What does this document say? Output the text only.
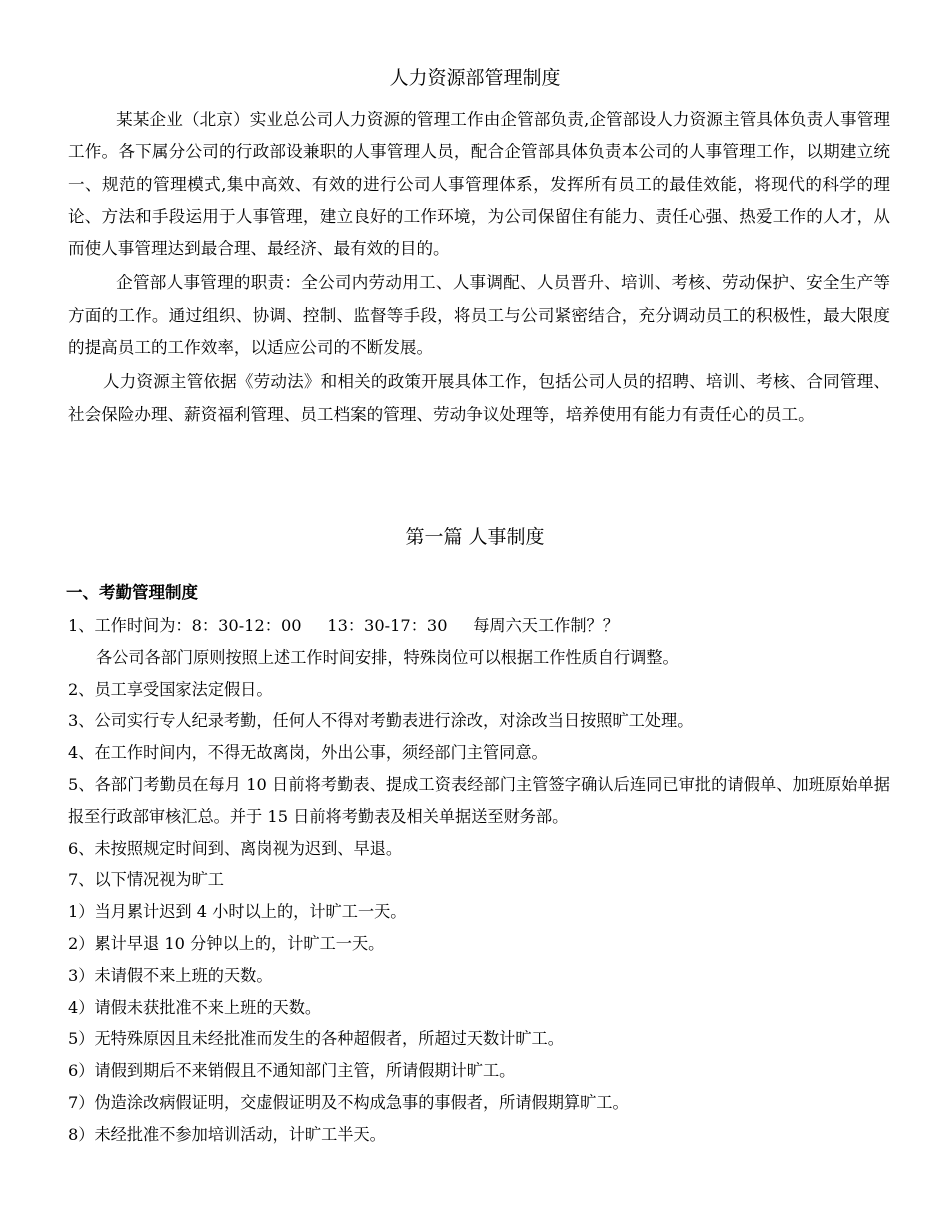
人力资源部管理制度

某某企业（北京）实业总公司人力资源的管理工作由企管部负责,企管部设人力资源主管具体负责人事管理工作。各下属分公司的行政部设兼职的人事管理人员，配合企管部具体负责本公司的人事管理工作，以期建立统一、规范的管理模式,集中高效、有效的进行公司人事管理体系，发挥所有员工的最佳效能，将现代的科学的理论、方法和手段运用于人事管理，建立良好的工作环境，为公司保留住有能力、责任心强、热爱工作的人才，从而使人事管理达到最合理、最经济、最有效的目的。

企管部人事管理的职责：全公司内劳动用工、人事调配、人员晋升、培训、考核、劳动保护、安全生产等方面的工作。通过组织、协调、控制、监督等手段，将员工与公司紧密结合，充分调动员工的积极性，最大限度的提高员工的工作效率，以适应公司的不断发展。

人力资源主管依据《劳动法》和相关的政策开展具体工作，包括公司人员的招聘、培训、考核、合同管理、社会保险办理、薪资福利管理、员工档案的管理、劳动争议处理等，培养使用有能力有责任心的员工。

第一篇 人事制度
一、考勤管理制度

1、工作时间为：8：30-12：00     13：30-17：30     每周六天工作制？？

各公司各部门原则按照上述工作时间安排，特殊岗位可以根据工作性质自行调整。

2、员工享受国家法定假日。

3、公司实行专人纪录考勤，任何人不得对考勤表进行涂改，对涂改当日按照旷工处理。

4、在工作时间内，不得无故离岗，外出公事，须经部门主管同意。

5、各部门考勤员在每月 10 日前将考勤表、提成工资表经部门主管签字确认后连同已审批的请假单、加班原始单据报至行政部审核汇总。并于 15 日前将考勤表及相关单据送至财务部。

6、未按照规定时间到、离岗视为迟到、早退。

7、以下情况视为旷工

1）当月累计迟到 4 小时以上的，计旷工一天。

2）累计早退 10 分钟以上的，计旷工一天。

3）未请假不来上班的天数。

4）请假未获批准不来上班的天数。

5）无特殊原因且未经批准而发生的各种超假者，所超过天数计旷工。

6）请假到期后不来销假且不通知部门主管，所请假期计旷工。

7）伪造涂改病假证明，交虚假证明及不构成急事的事假者，所请假期算旷工。

8）未经批准不参加培训活动，计旷工半天。
